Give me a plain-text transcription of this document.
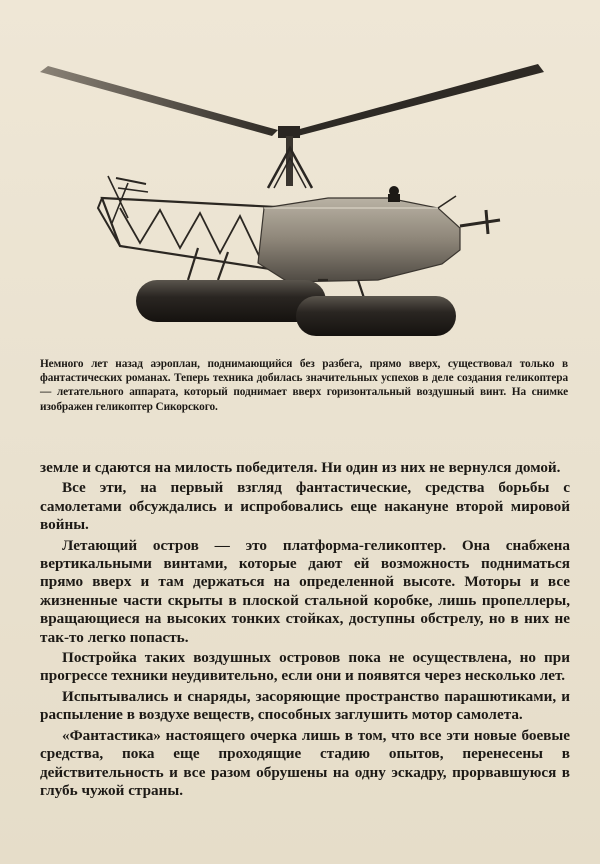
Немного лет назад аэроплан, поднимающийся без разбега, прямо вверх, существовал только в фантастических романах. Теперь техника добилась значительных успехов в деле создания геликоптера — летательного аппарата, который поднимает вверх горизонтальный воздушный винт. На снимке изображен геликоптер Сикорского.

земле и сдаются на милость победителя. Ни один из них не вернулся домой.

Все эти, на первый взгляд фантастические, средства борьбы с самолетами обсуждались и испробовались еще накануне второй мировой войны.

Летающий остров — это платформа-геликоптер. Она снабжена вертикальными винтами, которые дают ей возможность подниматься прямо вверх и там держаться на определенной высоте. Моторы и все жизненные части скрыты в плоской стальной коробке, лишь пропеллеры, вращающиеся на высоких тонких стойках, доступны обстрелу, но в них не так-то легко попасть.

Постройка таких воздушных островов пока не осуществлена, но при прогрессе техники неудивительно, если они и появятся через несколько лет.

Испытывались и снаряды, засоряющие пространство парашютиками, и распыление в воздухе веществ, способных заглушить мотор самолета.

«Фантастика» настоящего очерка лишь в том, что все эти новые боевые средства, пока еще проходящие стадию опытов, перенесены в действительность и все разом обрушены на одну эскадру, прорвавшуюся в глубь чужой страны.
